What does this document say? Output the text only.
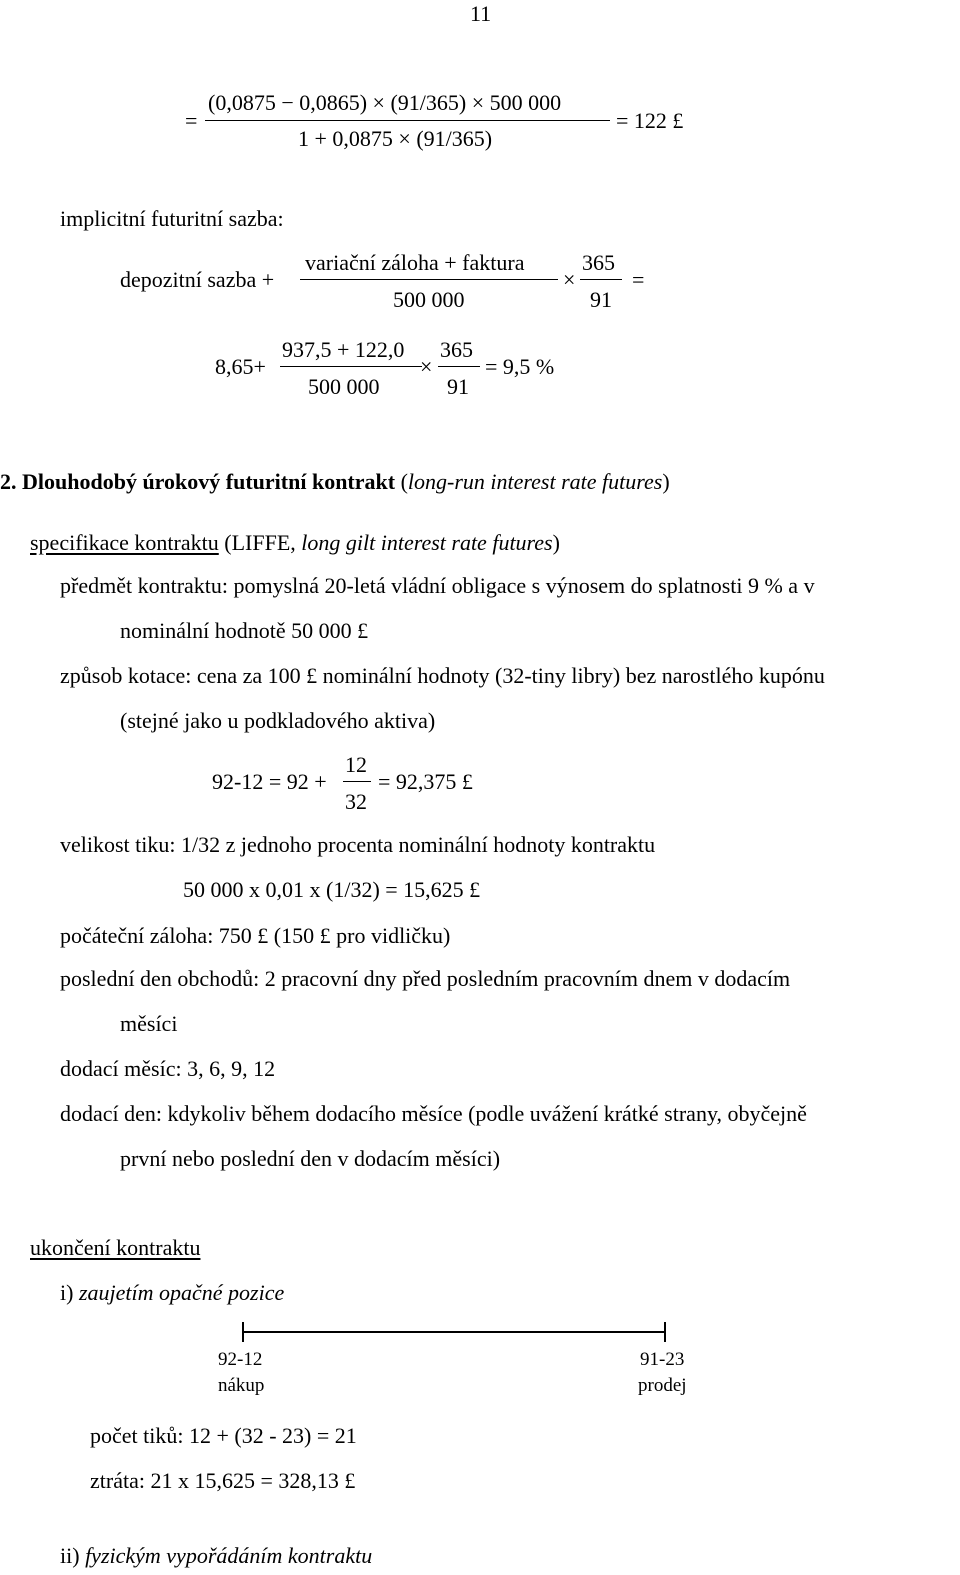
11
=
(0,0875 − 0,0865) × (91/365) × 500 000
1 + 0,0875 × (91/365)
= 122 £
implicitní futuritní sazba:
depozitní sazba +
variační záloha + faktura
500 000
×
365
91
=
8,65+
937,5 + 122,0
500 000
×
365
91
= 9,5 %
2. Dlouhodobý úrokový futuritní kontrakt (long-run interest rate futures)
specifikace kontraktu (LIFFE, long gilt interest rate futures)
předmět kontraktu: pomyslná 20-letá vládní obligace s výnosem do splatnosti 9 % a v
nominální hodnotě 50 000 £
způsob kotace: cena za 100 £ nominální hodnoty (32-tiny libry) bez narostlého kupónu
(stejné jako u podkladového aktiva)
92-12 = 92 +
12
32
= 92,375 £
velikost tiku: 1/32 z jednoho procenta nominální hodnoty kontraktu
50 000 x 0,01 x (1/32) = 15,625 £
počáteční záloha: 750 £ (150 £ pro vidličku)
poslední den obchodů: 2 pracovní dny před posledním pracovním dnem v dodacím
měsíci
dodací měsíc: 3, 6, 9, 12
dodací den: kdykoliv během dodacího měsíce (podle uvážení krátké strany, obyčejně
první nebo poslední den v dodacím měsíci)
ukončení kontraktu
i) zaujetím opačné pozice
92-12
nákup
91-23
prodej
počet tiků: 12 + (32 - 23) = 21
ztráta: 21 x 15,625 = 328,13 £
ii) fyzickým vypořádáním kontraktu
